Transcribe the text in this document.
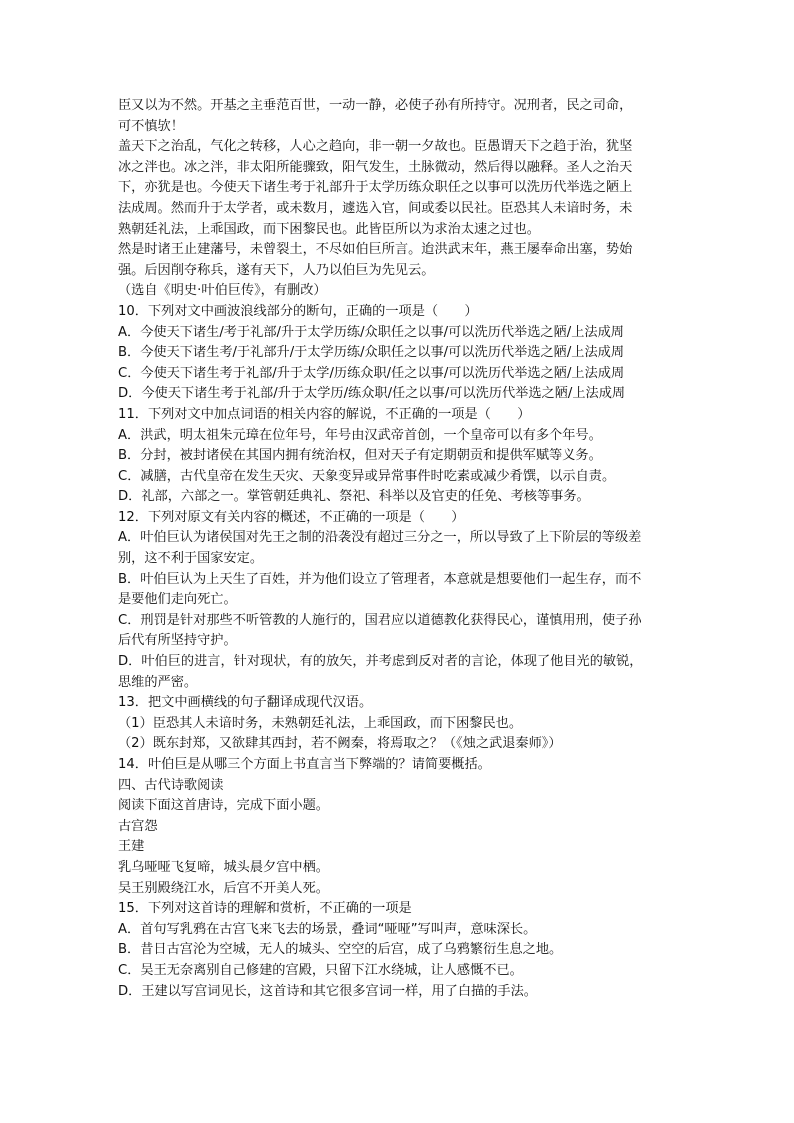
臣又以为不然。开基之主垂范百世，一动一静，必使子孙有所持守。况刑者，民之司命，
可不慎欤！
盖天下之治乱，气化之转移，人心之趋向，非一朝一夕故也。臣愚谓天下之趋于治，犹坚
冰之泮也。冰之泮，非太阳所能骤致，阳气发生，土脉微动，然后得以融释。圣人之治天
下，亦犹是也。今使天下诸生考于礼部升于太学历练众职任之以事可以洗历代举选之陋上
法成周。然而升于太学者，或未数月，遽选入官，间或委以民社。臣恐其人未谙时务，未
熟朝廷礼法，上乖国政，而下困黎民也。此皆臣所以为求治太速之过也。
然是时诸王止建藩号，未曾裂土，不尽如伯巨所言。迨洪武末年，燕王屡奉命出塞，势始
强。后因削夺称兵，遂有天下，人乃以伯巨为先见云。
（选自《明史·叶伯巨传》，有删改）
10．下列对文中画波浪线部分的断句，正确的一项是（　　）
A．今使天下诸生/考于礼部/升于太学历练/众职任之以事/可以洗历代举选之陋/上法成周
B．今使天下诸生考/于礼部升/于太学历练/众职任之以事/可以洗历代举选之陋/上法成周
C．今使天下诸生考于礼部/升于太学/历练众职/任之以事/可以洗历代举选之陋/上法成周
D．今使天下诸生考于礼部/升于太学历/练众职/任之以事/可以洗历代举选之陋/上法成周
11．下列对文中加点词语的相关内容的解说，不正确的一项是（　　）
A．洪武，明太祖朱元璋在位年号，年号由汉武帝首创，一个皇帝可以有多个年号。
B．分封，被封诸侯在其国内拥有统治权，但对天子有定期朝贡和提供军赋等义务。
C．减膳，古代皇帝在发生天灾、天象变异或异常事件时吃素或减少肴馔，以示自责。
D．礼部，六部之一。掌管朝廷典礼、祭祀、科举以及官吏的任免、考核等事务。
12．下列对原文有关内容的概述，不正确的一项是（　　）
A．叶伯巨认为诸侯国对先王之制的沿袭没有超过三分之一，所以导致了上下阶层的等级差
别，这不利于国家安定。
B．叶伯巨认为上天生了百姓，并为他们设立了管理者，本意就是想要他们一起生存，而不
是要他们走向死亡。
C．刑罚是针对那些不听管教的人施行的，国君应以道德教化获得民心，谨慎用刑，使子孙
后代有所坚持守护。
D．叶伯巨的进言，针对现状，有的放矢，并考虑到反对者的言论，体现了他目光的敏锐，
思维的严密。
13．把文中画横线的句子翻译成现代汉语。
（1）臣恐其人未谙时务，未熟朝廷礼法，上乖国政，而下困黎民也。
（2）既东封郑，又欲肆其西封，若不阙秦，将焉取之？（《烛之武退秦师》）
14．叶伯巨是从哪三个方面上书直言当下弊端的？请简要概括。
四、古代诗歌阅读
阅读下面这首唐诗，完成下面小题。
古宫怨
王建
乳乌哑哑飞复啼，城头晨夕宫中栖。
吴王别殿绕江水，后宫不开美人死。
15．下列对这首诗的理解和赏析，不正确的一项是
A．首句写乳鸦在古宫飞来飞去的场景，叠词“哑哑”写叫声，意味深长。
B．昔日古宫沦为空城，无人的城头、空空的后宫，成了乌鸦繁衍生息之地。
C．吴王无奈离别自己修建的宫殿，只留下江水绕城，让人感慨不已。
D．王建以写宫词见长，这首诗和其它很多宫词一样，用了白描的手法。
